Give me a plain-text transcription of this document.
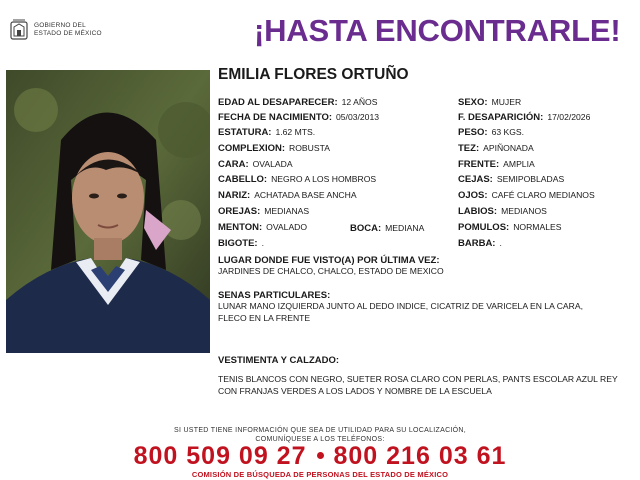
GOBIERNO DEL
ESTADO DE MÉXICO	¡HASTA ENCONTRARLE!
EMILIA FLORES ORTUÑO
EDAD AL DESAPARECER: 12 AÑOS	SEXO: MUJER
FECHA DE NACIMIENTO: 05/03/2013	F. DESAPARICIÓN: 17/02/2026
ESTATURA: 1.62 MTS.	PESO: 63 KGS.
COMPLEXION: ROBUSTA	TEZ: APIÑONADA
CARA: OVALADA	FRENTE: AMPLIA
CABELLO: NEGRO A LOS HOMBROS	CEJAS: SEMIPOBLADAS
NARIZ: ACHATADA BASE ANCHA	OJOS: CAFÉ CLARO MEDIANOS
OREJAS: MEDIANAS	LABIOS: MEDIANOS
MENTON: OVALADO	BOCA: MEDIANA	POMULOS: NORMALES
BIGOTE: .	BARBA: .
LUGAR DONDE FUE VISTO(A) POR ÚLTIMA VEZ:
JARDINES DE CHALCO, CHALCO, ESTADO DE MEXICO
SENAS PARTICULARES:
LUNAR MANO IZQUIERDA JUNTO AL DEDO INDICE, CICATRIZ DE VARICELA EN LA CARA, FLECO EN LA FRENTE
VESTIMENTA Y CALZADO:
TENIS BLANCOS CON NEGRO, SUETER ROSA CLARO CON PERLAS, PANTS ESCOLAR AZUL REY CON FRANJAS VERDES A LOS LADOS Y NOMBRE DE LA ESCUELA
SI USTED TIENE INFORMACIÓN QUE SEA DE UTILIDAD PARA SU LOCALIZACIÓN,
COMUNÍQUESE A LOS TELÉFONOS:
800 509 09 27 800 216 03 61
COMISIÓN DE BÚSQUEDA DE PERSONAS DEL ESTADO DE MÉXICO
